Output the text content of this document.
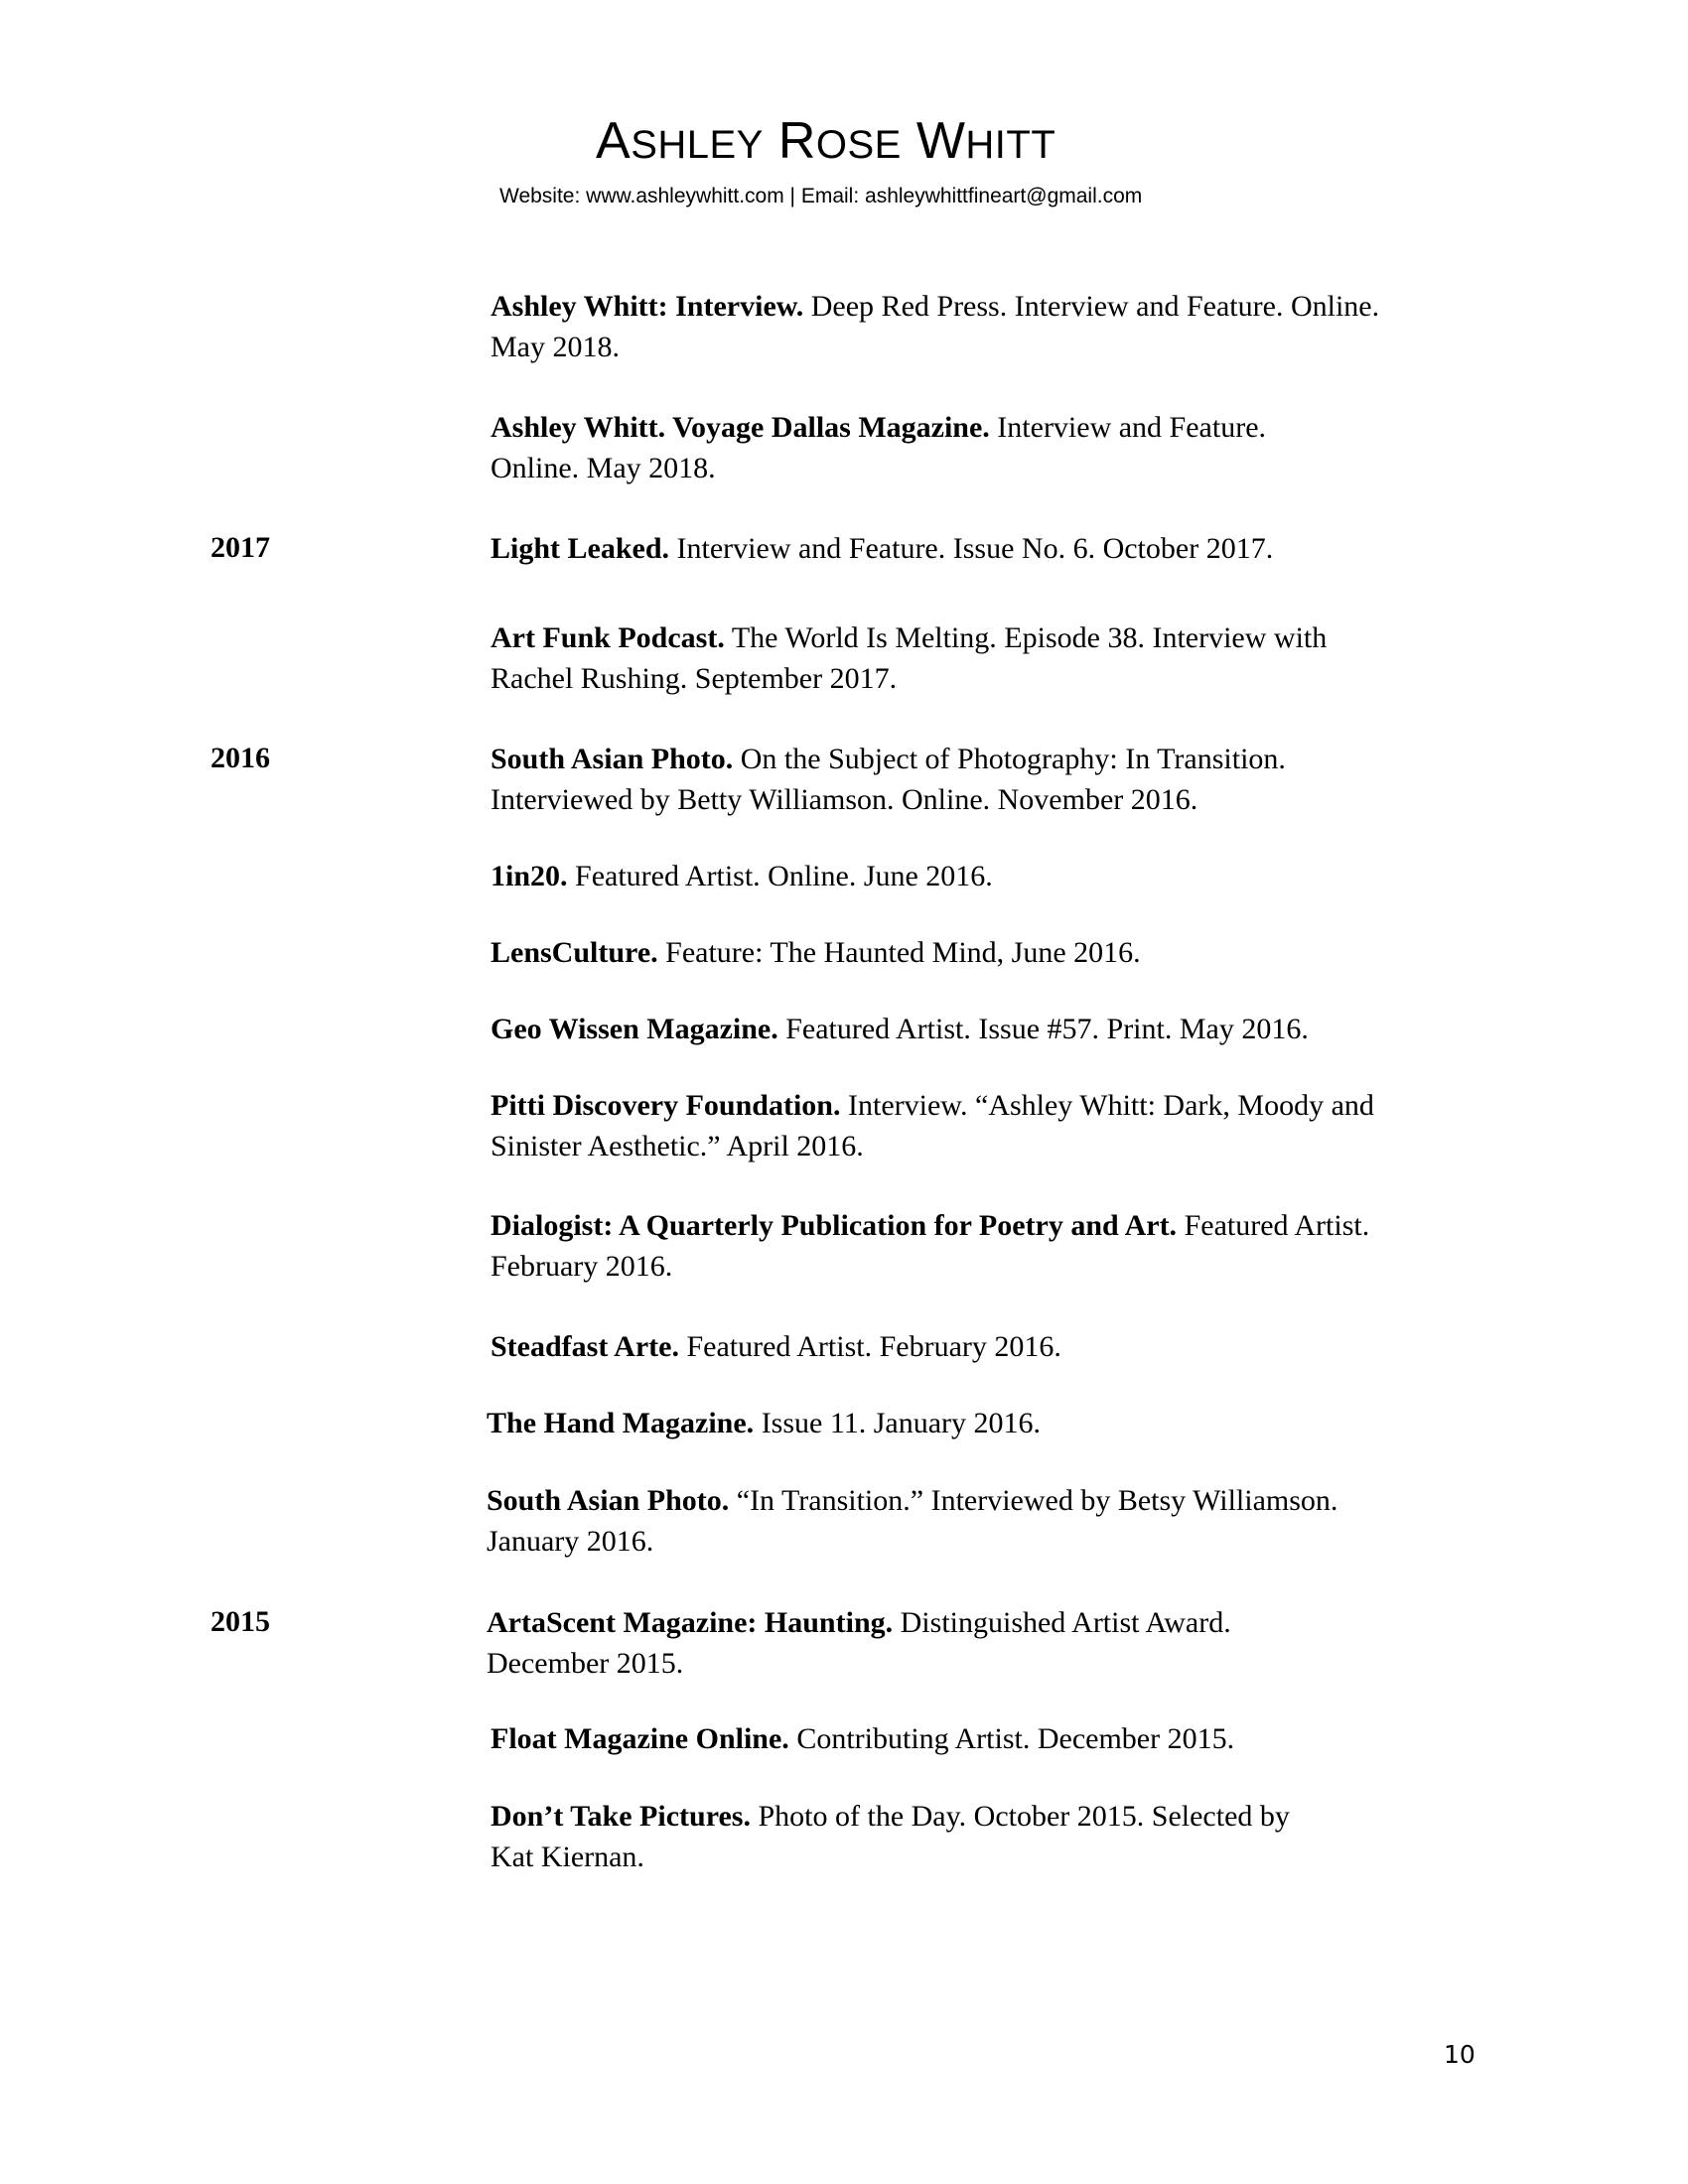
ASHLEY ROSE WHITT
Website: www.ashleywhitt.com | Email: ashleywhittfineart@gmail.com
2017
2016
2015
Ashley Whitt: Interview. Deep Red Press. Interview and Feature. Online.
May 2018.
Ashley Whitt. Voyage Dallas Magazine. Interview and Feature.
Online. May 2018.
Light Leaked. Interview and Feature. Issue No. 6. October 2017.
Art Funk Podcast. The World Is Melting. Episode 38. Interview with
Rachel Rushing. September 2017.
South Asian Photo. On the Subject of Photography: In Transition.
Interviewed by Betty Williamson. Online. November 2016.
1in20. Featured Artist. Online. June 2016.
LensCulture. Feature: The Haunted Mind, June 2016.
Geo Wissen Magazine. Featured Artist. Issue #57. Print. May 2016.
Pitti Discovery Foundation. Interview. “Ashley Whitt: Dark, Moody and
Sinister Aesthetic.” April 2016.
Dialogist: A Quarterly Publication for Poetry and Art. Featured Artist.
February 2016.
Steadfast Arte. Featured Artist. February 2016.
The Hand Magazine. Issue 11. January 2016.
South Asian Photo. “In Transition.” Interviewed by Betsy Williamson.
January 2016.
ArtaScent Magazine: Haunting. Distinguished Artist Award.
December 2015.
Float Magazine Online. Contributing Artist. December 2015.
Don’t Take Pictures. Photo of the Day. October 2015. Selected by
Kat Kiernan.
10
